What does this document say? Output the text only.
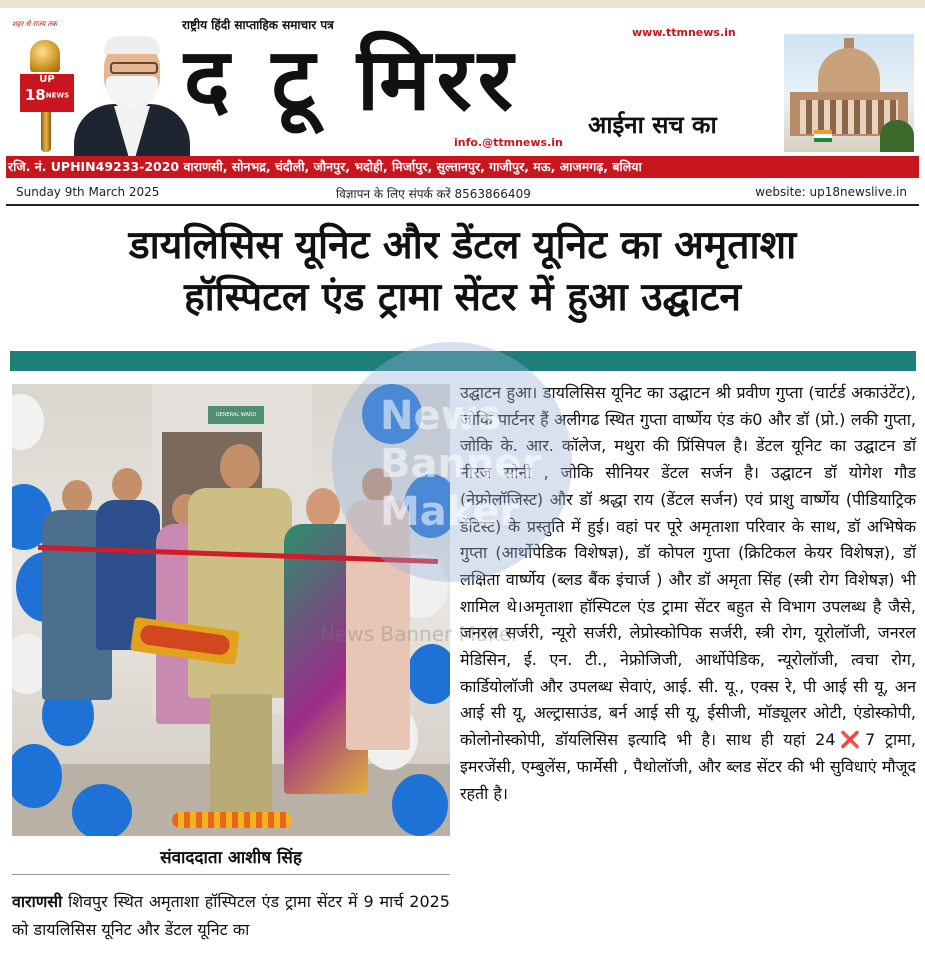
शहर से राज्य तक
UP
18NEWS
राष्ट्रीय हिंदी साप्ताहिक समाचार पत्र
द टू मिरर	www.ttmnews.in
आईना सच का
info.@ttmnews.in
रजि. नं. UPHIN49233-2020 वाराणसी, सोनभद्र, चंदौली, जौनपुर, भदोही, मिर्जापुर, सुल्तानपुर, गाजीपुर, मऊ, आजमगढ़, बलिया
Sunday 9th March 2025	विज्ञापन के लिए संपर्क करें 8563866409	website: up18newslive.in
डायलिसिस यूनिट और डेंटल यूनिट का अमृताशा
हॉस्पिटल एंड ट्रामा सेंटर में हुआ उद्घाटन
GENERAL WARD
संवाददाता आशीष सिंह
वाराणसी शिवपुर स्थित अमृताशा हॉस्पिटल एंड ट्रामा सेंटर में 9 मार्च 2025 को डायलिसिस यूनिट और डेंटल यूनिट का
उद्घाटन हुआ। डायलिसिस यूनिट का उद्घाटन श्री प्रवीण गुप्ता (चार्टर्ड अकाउंटेंट), जोकि पार्टनर हैं अलीगढ स्थित गुप्ता वार्ष्णेय एंड कं0 और डॉ (प्रो.) लकी गुप्ता, जोकि के. आर. कॉलेज, मथुरा की प्रिंसिपल है। डेंटल यूनिट का उद्घाटन डॉ नीरज सोनी , जोकि सीनियर डेंटल सर्जन है। उद्घाटन डॉ योगेश गौड (नेफ्रोलॉजिस्ट) और डॉ श्रद्धा राय (डेंटल सर्जन) एवं प्राशु वार्ष्णेय (पीडियाट्रिक डेंटिस्ट) के प्रस्तुति में हुई। वहां पर पूरे अमृताशा परिवार के साथ, डॉ अभिषेक गुप्ता (आर्थोपेडिक विशेषज्ञ), डॉ कोपल गुप्ता (क्रिटिकल केयर विशेषज्ञ), डॉ लक्षिता वार्ष्णेय (ब्लड बैंक इंचार्ज ) और डॉ अमृता सिंह (स्त्री रोग विशेषज्ञ) भी शामिल थे।अमृताशा हॉस्पिटल एंड ट्रामा सेंटर बहुत से विभाग उपलब्ध है जैसे, जनरल सर्जरी, न्यूरो सर्जरी, लेप्रोस्कोपिक सर्जरी, स्त्री रोग, यूरोलॉजी, जनरल मेडिसिन, ई. एन. टी., नेफ्रोजिजी, आर्थोपेडिक, न्यूरोलॉजी, त्वचा रोग, कार्डियोलॉजी और उपलब्ध सेवाएं, आई. सी. यू., एक्स रे, पी आई सी यू, अन आई सी यू, अल्ट्रासाउंड, बर्न आई सी यू, ईसीजी, मॉड्यूलर ओटी, एंडोस्कोपी, कोलोनोस्कोपी, डॉयलिसिस इत्यादि भी है। साथ ही यहां 24❌7 ट्रामा, इमरजेंसी, एम्बुलेंस, फार्मेसी , पैथोलॉजी, और ब्लड सेंटर की भी सुविधाएं मौजूद रहती है।
News
Banner
Maker
News Banner Maker
